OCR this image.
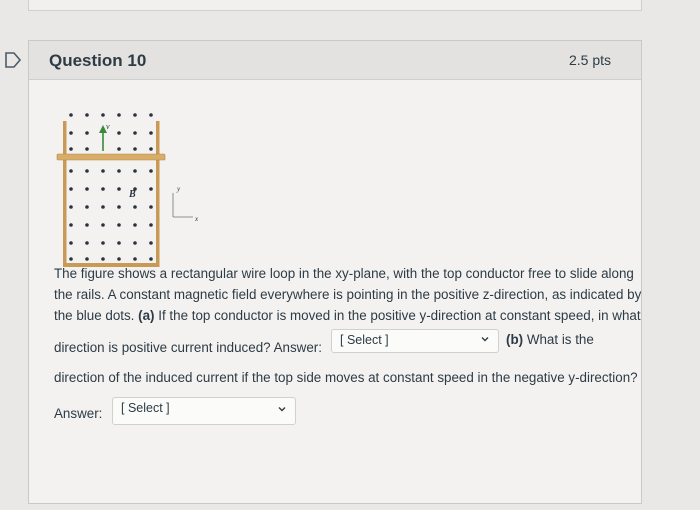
Question 10	2.5 pts
v
B	y
x
The figure shows a rectangular wire loop in the xy-plane, with the top conductor free to slide along
the rails. A constant magnetic field everywhere is pointing in the positive z-direction, as indicated by
the blue dots. (a) If the top conductor is moved in the positive y-direction at constant speed, in what
direction is positive current induced? Answer:
(b) What is the
direction of the induced current if the top side moves at constant speed in the negative y-direction?
Answer:
[ Select ]
[ Select ]
